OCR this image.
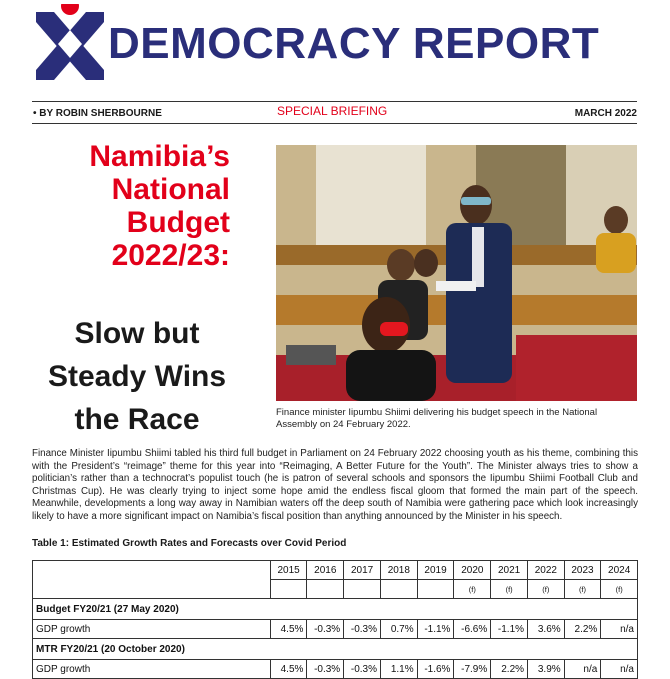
DEMOCRACY REPORT
• BY ROBIN SHERBOURNE	SPECIAL BRIEFING	MARCH 2022
Namibia’s
National
Budget
2022/23:
Slow but
Steady Wins
the Race	Finance minister Iipumbu Shiimi delivering his budget speech in the National Assembly on 24 February 2022.
Finance Minister Iipumbu Shiimi tabled his third full budget in Parliament on 24 February 2022 choosing youth as his theme, combining this with the President’s “reimage” theme for this year into “Reimaging, A Better Future for the Youth”. The Minister always tries to show a politician’s rather than a technocrat’s populist touch (he is patron of several schools and sponsors the Iipumbu Shiimi Football Club and Christmas Cup). He was clearly trying to inject some hope amid the endless fiscal gloom that formed the main part of the speech. Meanwhile, developments a long way away in Namibian waters off the deep south of Namibia were gathering pace which look increasingly likely to have a more significant impact on Namibia’s fiscal position than anything announced by the Minister in his speech.
Table 1: Estimated Growth Rates and Forecasts over Covid Period
	2015	2016	2017	2018	2019	2020	2021	2022	2023	2024
						(f)	(f)	(f)	(f)	(f)
Budget FY20/21 (27 May 2020)										
GDP growth	4.5%	-0.3%	-0.3%	0.7%	-1.1%	-6.6%	-1.1%	3.6%	2.2%	n/a
MTR FY20/21 (20 October 2020)										
GDP growth	4.5%	-0.3%	-0.3%	1.1%	-1.6%	-7.9%	2.2%	3.9%	n/a	n/a
